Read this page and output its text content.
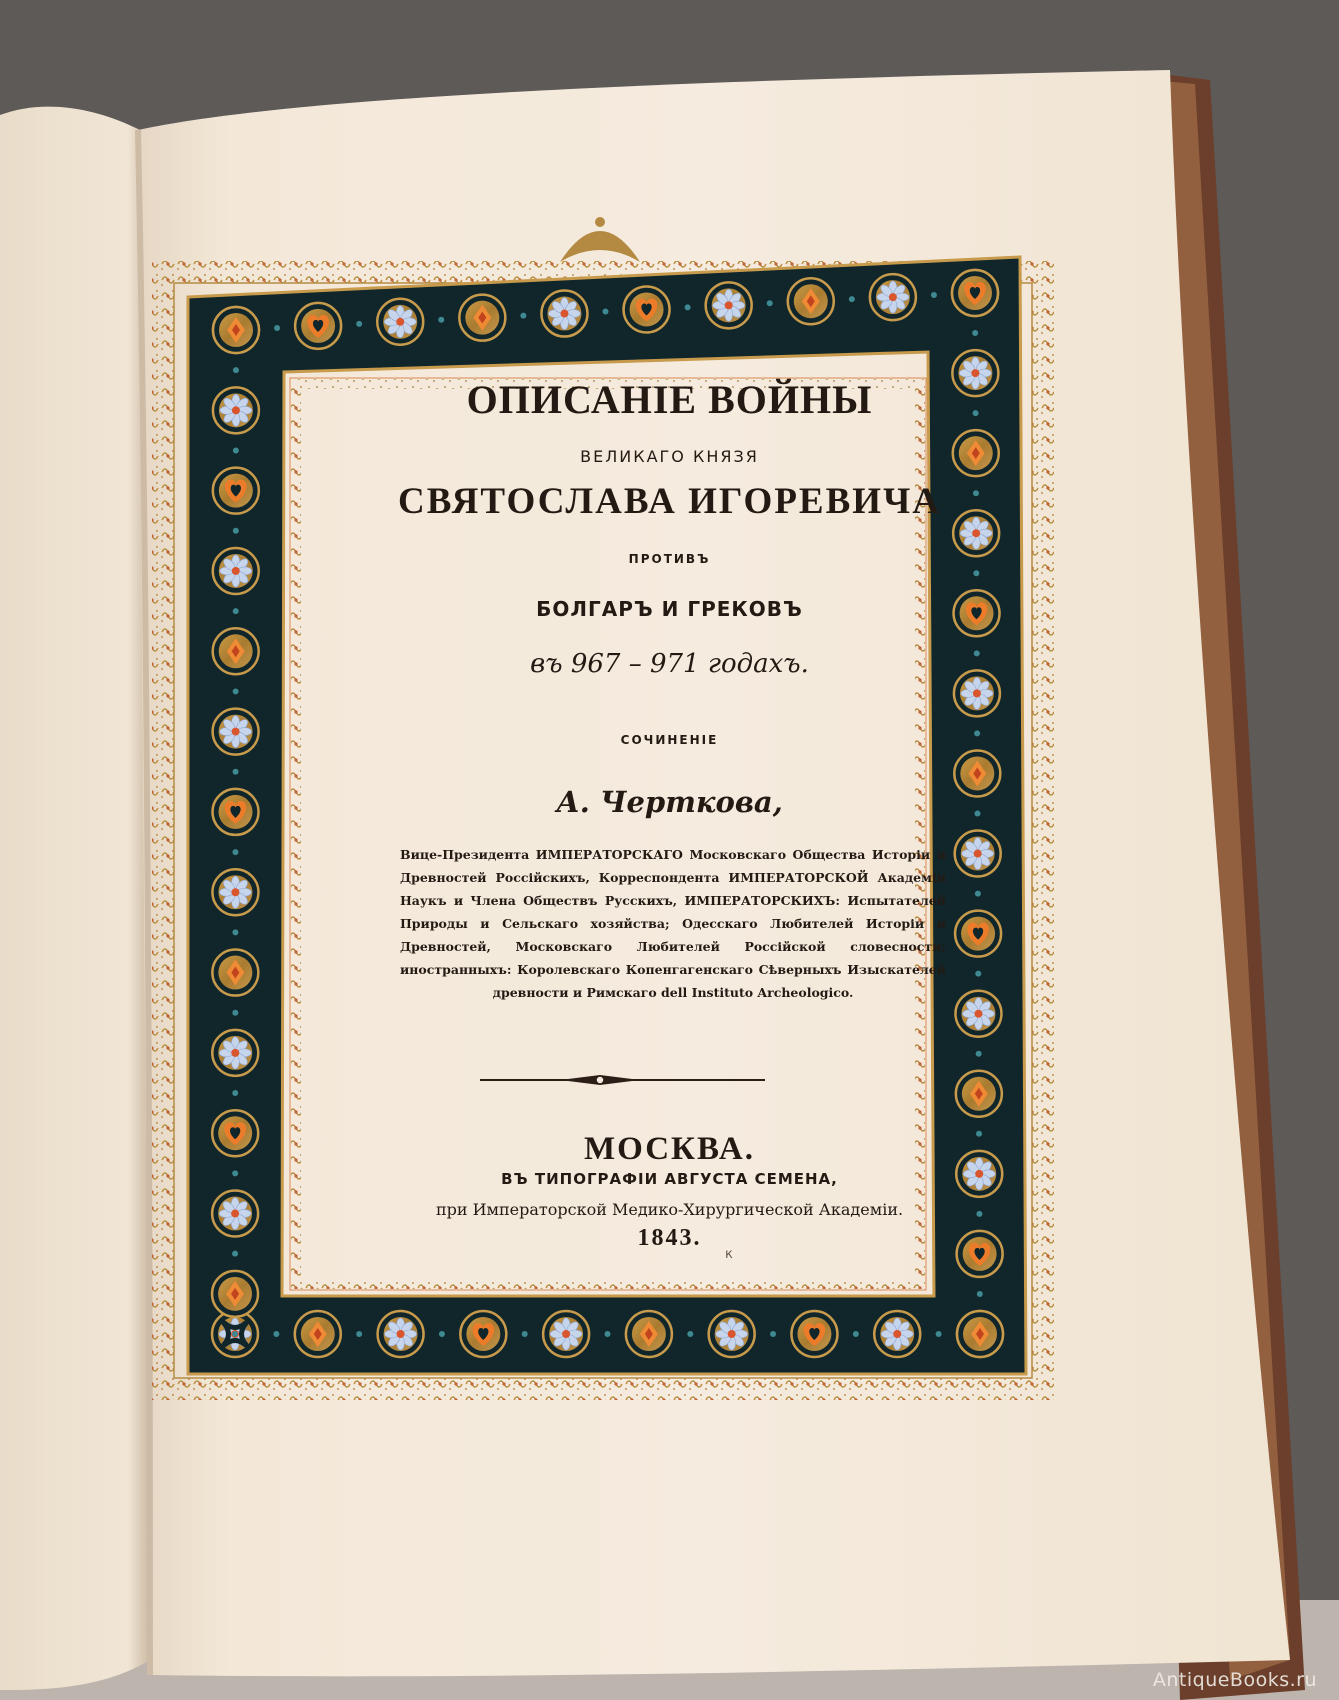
ОПИСАНІЕ ВОЙНЫ
ВЕЛИКАГО КНЯЗЯ
СВЯТОСЛАВА ИГОРЕВИЧА
ПРОТИВЪ
БОЛГАРЪ И ГРЕКОВЪ
въ 967 – 971 годахъ.
СОЧИНЕНІЕ
А. Черткова,
Вице-Президента ИМПЕРАТОРСКАГО Московскаго Общества Исторіи и Древностей Россійскихъ, Корреспондента ИМПЕРАТОРСКОЙ Академіи Наукъ и Члена Обществъ Русскихъ, ИМПЕРАТОРСКИХЪ: Испытателей Природы и Сельскаго хозяйства; Одесскаго Любителей Исторіи и Древностей, Московскаго Любителей Россійской словесности; иностранныхъ: Королевскаго Копенгагенскаго Сѣверныхъ Изыскателей древности и Римскаго dell Instituto Archeologico.
МОСКВА.
ВЪ ТИПОГРАФІИ АВГУСТА СЕМЕНА,
при Императорской Медико-Хирургической Академіи.
1843.
к
AntiqueBooks.ru
